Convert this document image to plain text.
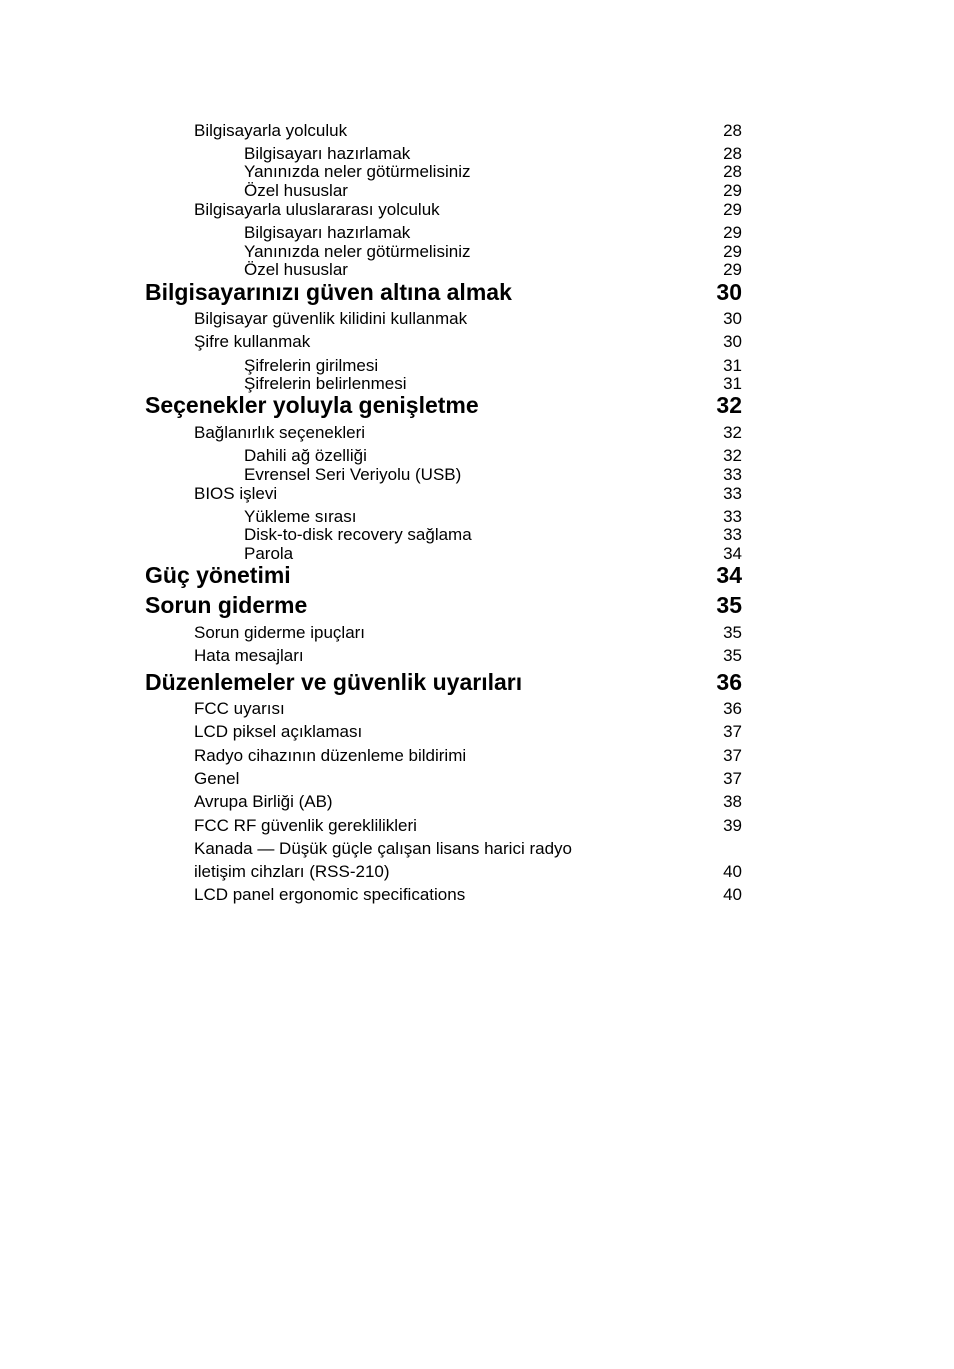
Bilgisayarla yolculuk	28
Bilgisayarı hazırlamak	28
Yanınızda neler götürmelisiniz	28
Özel hususlar	29
Bilgisayarla uluslararası yolculuk	29
Bilgisayarı hazırlamak	29
Yanınızda neler götürmelisiniz	29
Özel hususlar	29
Bilgisayarınızı güven altına almak	30
Bilgisayar güvenlik kilidini kullanmak	30
Şifre kullanmak	30
Şifrelerin girilmesi	31
Şifrelerin belirlenmesi	31
Seçenekler yoluyla genişletme	32
Bağlanırlık seçenekleri	32
Dahili ağ özelliği	32
Evrensel Seri Veriyolu (USB)	33
BIOS işlevi	33
Yükleme sırası	33
Disk-to-disk recovery sağlama	33
Parola	34
Güç yönetimi	34
Sorun giderme	35
Sorun giderme ipuçları	35
Hata mesajları	35
Düzenlemeler ve güvenlik uyarıları	36
FCC uyarısı	36
LCD piksel açıklaması	37
Radyo cihazının düzenleme bildirimi	37
Genel	37
Avrupa Birliği (AB)	38
FCC RF güvenlik gereklilikleri	39
Kanada — Düşük güçle çalışan lisans harici radyo
iletişim cihzları (RSS-210)	40
LCD panel ergonomic specifications	40
